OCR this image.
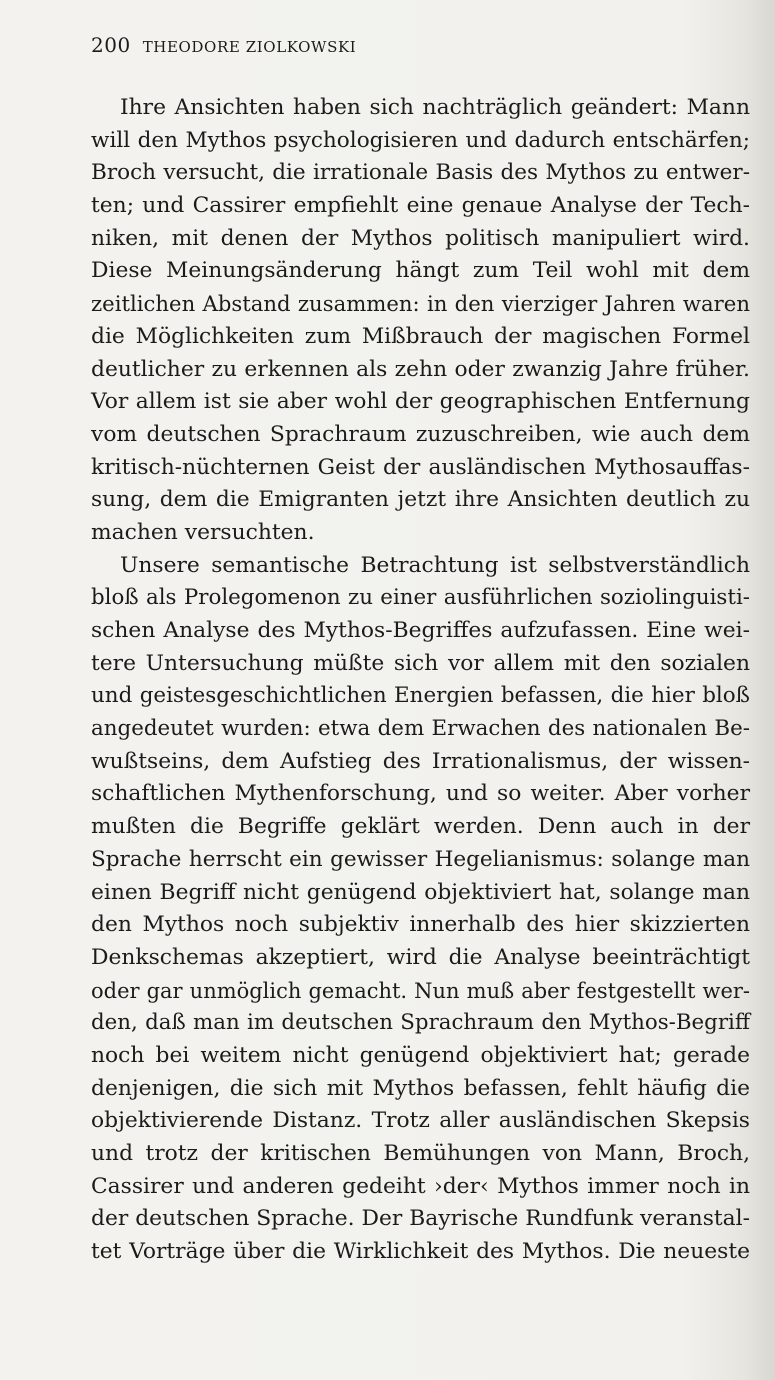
200 THEODORE ZIOLKOWSKI
Ihre Ansichten haben sich nachträglich geändert: Mann
will den Mythos psychologisieren und dadurch entschärfen;
Broch versucht, die irrationale Basis des Mythos zu entwer-
ten; und Cassirer empfiehlt eine genaue Analyse der Tech-
niken, mit denen der Mythos politisch manipuliert wird.
Diese Meinungsänderung hängt zum Teil wohl mit dem
zeitlichen Abstand zusammen: in den vierziger Jahren waren
die Möglichkeiten zum Mißbrauch der magischen Formel
deutlicher zu erkennen als zehn oder zwanzig Jahre früher.
Vor allem ist sie aber wohl der geographischen Entfernung
vom deutschen Sprachraum zuzuschreiben, wie auch dem
kritisch-nüchternen Geist der ausländischen Mythosauffas-
sung, dem die Emigranten jetzt ihre Ansichten deutlich zu
machen versuchten.
Unsere semantische Betrachtung ist selbstverständlich
bloß als Prolegomenon zu einer ausführlichen soziolinguisti-
schen Analyse des Mythos-Begriffes aufzufassen. Eine wei-
tere Untersuchung müßte sich vor allem mit den sozialen
und geistesgeschichtlichen Energien befassen, die hier bloß
angedeutet wurden: etwa dem Erwachen des nationalen Be-
wußtseins, dem Aufstieg des Irrationalismus, der wissen-
schaftlichen Mythenforschung, und so weiter. Aber vorher
mußten die Begriffe geklärt werden. Denn auch in der
Sprache herrscht ein gewisser Hegelianismus: solange man
einen Begriff nicht genügend objektiviert hat, solange man
den Mythos noch subjektiv innerhalb des hier skizzierten
Denkschemas akzeptiert, wird die Analyse beeinträchtigt
oder gar unmöglich gemacht. Nun muß aber festgestellt wer-
den, daß man im deutschen Sprachraum den Mythos-Begriff
noch bei weitem nicht genügend objektiviert hat; gerade
denjenigen, die sich mit Mythos befassen, fehlt häufig die
objektivierende Distanz. Trotz aller ausländischen Skepsis
und trotz der kritischen Bemühungen von Mann, Broch,
Cassirer und anderen gedeiht ›der‹ Mythos immer noch in
der deutschen Sprache. Der Bayrische Rundfunk veranstal-
tet Vorträge über die Wirklichkeit des Mythos. Die neueste
